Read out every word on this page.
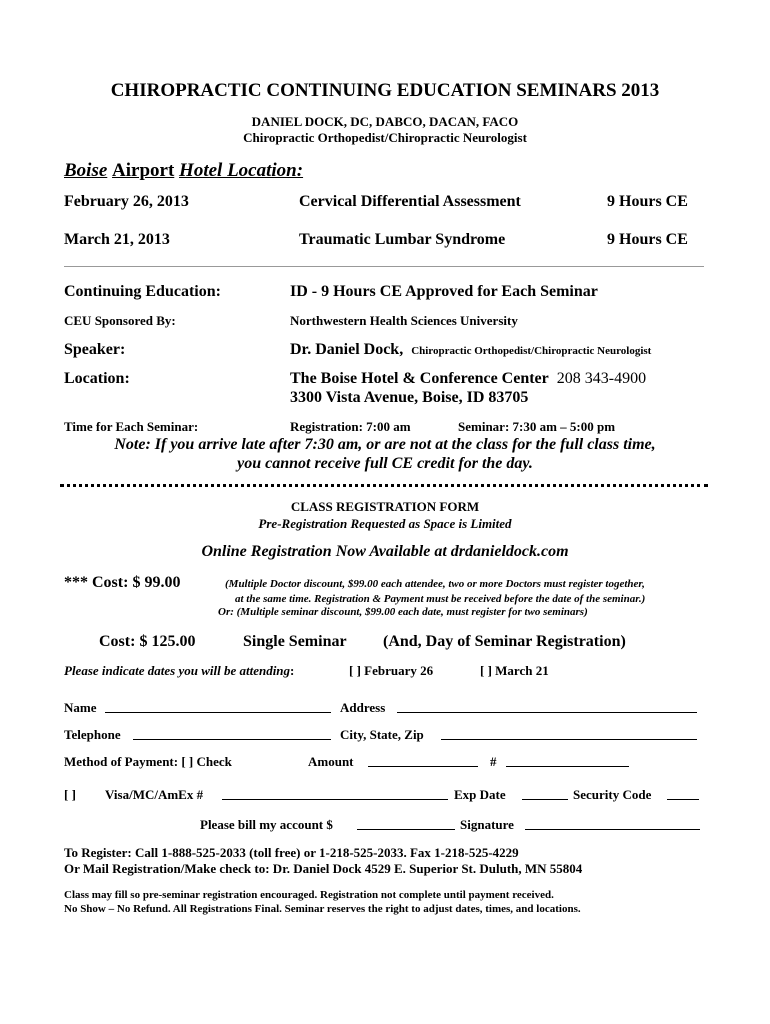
CHIROPRACTIC CONTINUING EDUCATION SEMINARS 2013
DANIEL DOCK, DC, DABCO, DACAN, FACO
Chiropractic Orthopedist/Chiropractic Neurologist
Boise Airport Hotel Location:
February 26, 2013	Cervical Differential Assessment	9 Hours CE
March 21, 2013	Traumatic Lumbar Syndrome	9 Hours CE
Continuing Education:	ID - 9 Hours CE Approved for Each Seminar
CEU Sponsored By:	Northwestern Health Sciences University
Speaker:	Dr. Daniel Dock, Chiropractic Orthopedist/Chiropractic Neurologist
Location:	The Boise Hotel & Conference Center 208 343-4900
3300 Vista Avenue, Boise, ID 83705
Time for Each Seminar:	Registration: 7:00 am	Seminar: 7:30 am – 5:00 pm
Note: If you arrive late after 7:30 am, or are not at the class for the full class time,
you cannot receive full CE credit for the day.
CLASS REGISTRATION FORM
Pre-Registration Requested as Space is Limited
Online Registration Now Available at drdanieldock.com
*** Cost: $ 99.00	(Multiple Doctor discount, $99.00 each attendee, two or more Doctors must register together,
at the same time. Registration & Payment must be received before the date of the seminar.)
Or: (Multiple seminar discount, $99.00 each date, must register for two seminars)
Cost: $ 125.00	Single Seminar (And, Day of Seminar Registration)
Please indicate dates you will be attending:	[ ] February 26	[ ] March 21
Name	Address
Telephone	City, State, Zip
Method of Payment: [ ] Check	Amount	#
[ ] Visa/MC/AmEx #	Exp Date	Security Code
Please bill my account $	Signature
To Register: Call 1-888-525-2033 (toll free) or 1-218-525-2033. Fax 1-218-525-4229
Or Mail Registration/Make check to: Dr. Daniel Dock 4529 E. Superior St. Duluth, MN 55804
Class may fill so pre-seminar registration encouraged. Registration not complete until payment received.
No Show – No Refund. All Registrations Final. Seminar reserves the right to adjust dates, times, and locations.
